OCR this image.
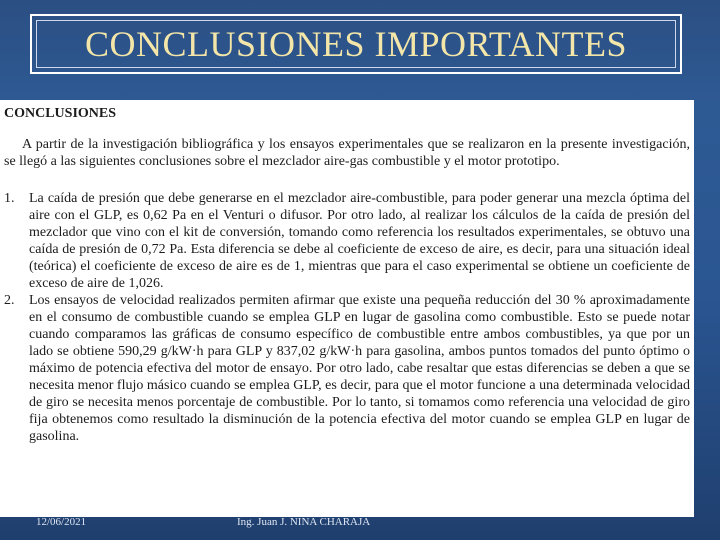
CONCLUSIONES IMPORTANTES

CONCLUSIONES

A partir de la investigación bibliográfica y los ensayos experimentales que se realizaron en la presente investigación, se llegó a las siguientes conclusiones sobre el mezclador aire-gas combustible y el motor prototipo.

1.	La caída de presión que debe generarse en el mezclador aire-combustible, para poder generar una mezcla óptima del aire con el GLP, es 0,62 Pa en el Venturi o difusor. Por otro lado, al realizar los cálculos de la caída de presión del mezclador que vino con el kit de conversión, tomando como referencia los resultados experimentales, se obtuvo una caída de presión de 0,72 Pa. Esta diferencia se debe al coeficiente de exceso de aire, es decir, para una situación ideal (teórica) el coeficiente de exceso de aire es de 1, mientras que para el caso experimental se obtiene un coeficiente de exceso de aire de 1,026.
2.	Los ensayos de velocidad realizados permiten afirmar que existe una pequeña reducción del 30 % aproximadamente en el consumo de combustible cuando se emplea GLP en lugar de gasolina como combustible. Esto se puede notar cuando comparamos las gráficas de consumo específico de combustible entre ambos combustibles, ya que por un lado se obtiene 590,29 g/kW·h para GLP y 837,02 g/kW·h para gasolina, ambos puntos tomados del punto óptimo o máximo de potencia efectiva del motor de ensayo. Por otro lado, cabe resaltar que estas diferencias se deben a que se necesita menor flujo másico cuando se emplea GLP, es decir, para que el motor funcione a una determinada velocidad de giro se necesita menos porcentaje de combustible. Por lo tanto, si tomamos como referencia una velocidad de giro fija obtenemos como resultado la disminución de la potencia efectiva del motor cuando se emplea GLP en lugar de gasolina.
12/06/2021	Ing. Juan J. NINA CHARAJA
